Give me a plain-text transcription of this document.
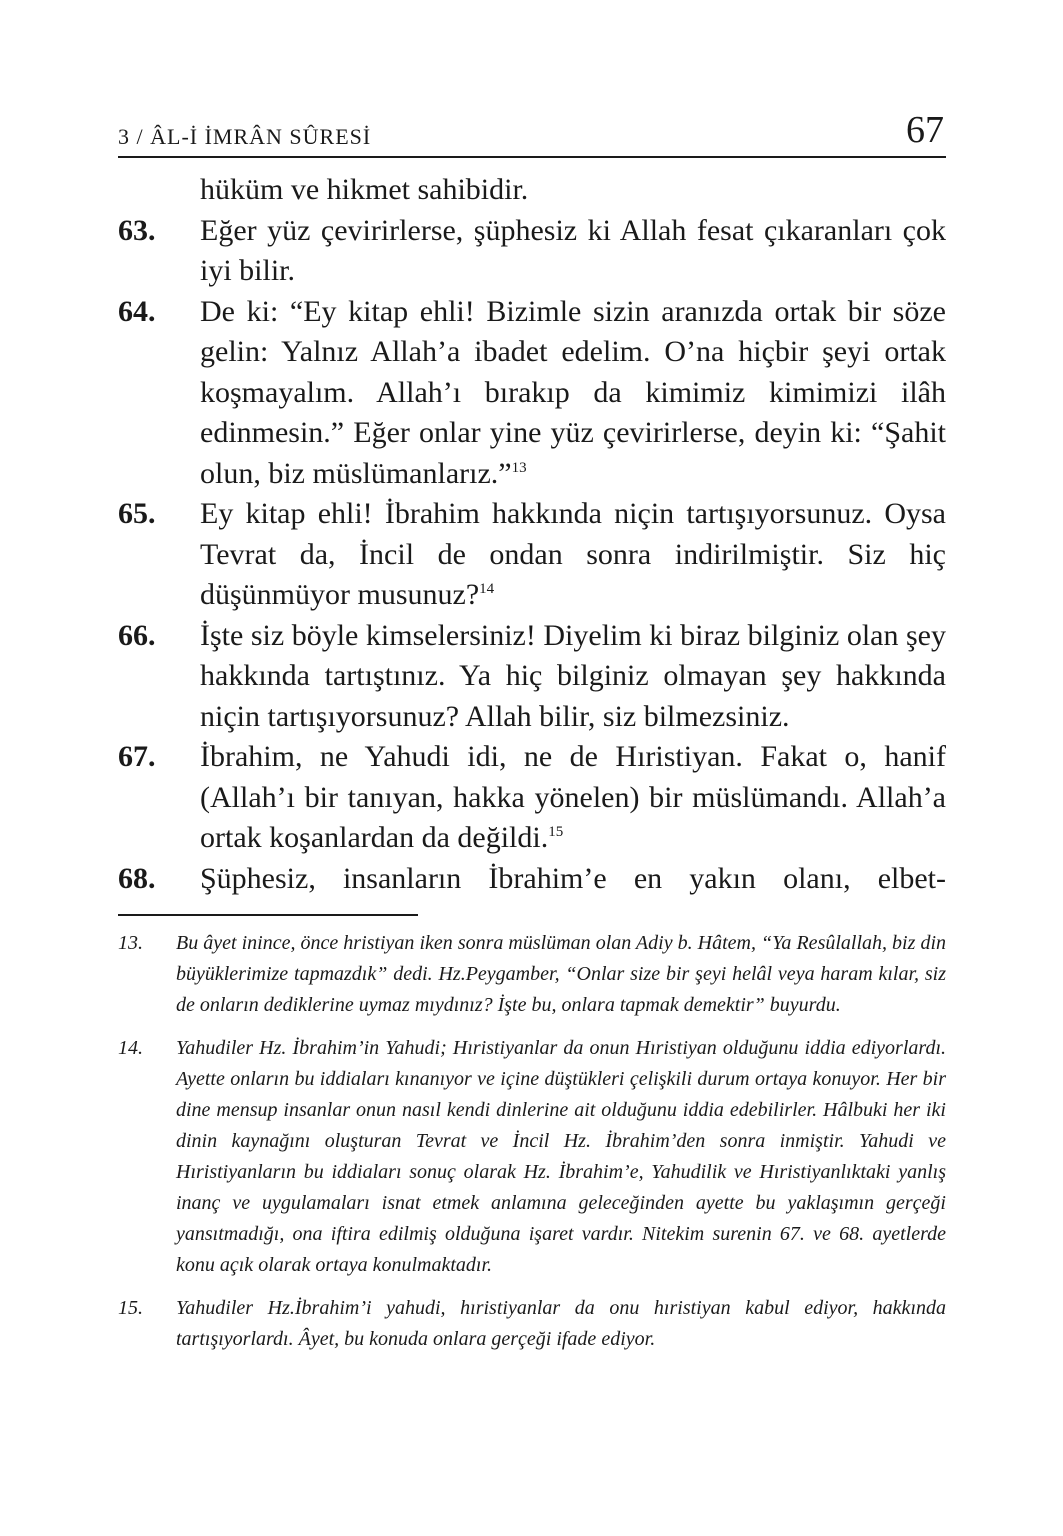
3 / ÂL-İ İMRÂN SÛRESİ	67
hüküm ve hikmet sahibidir.
63. Eğer yüz çevirirlerse, şüphesiz ki Allah fesat çıkaranları çok iyi bilir.
64. De ki: “Ey kitap ehli! Bizimle sizin aranızda ortak bir söze gelin: Yalnız Allah’a ibadet edelim. O’na hiçbir şeyi ortak koşmayalım. Allah’ı bırakıp da kimimiz kimimizi ilâh edinmesin.” Eğer onlar yine yüz çevirirlerse, deyin ki: “Şahit olun, biz müslümanlarız.”$^{13}$
65. Ey kitap ehli! İbrahim hakkında niçin tartışıyorsunuz. Oysa Tevrat da, İncil de ondan sonra indirilmiştir. Siz hiç düşünmüyor musunuz?$^{14}$
66. İşte siz böyle kimselersiniz! Diyelim ki biraz bilginiz olan şey hakkında tartıştınız. Ya hiç bilginiz olmayan şey hakkında niçin tartışıyorsunuz? Allah bilir, siz bilmezsiniz.
67. İbrahim, ne Yahudi idi, ne de Hıristiyan. Fakat o, hanif (Allah’ı bir tanıyan, hakka yönelen) bir müslümandı. Allah’a ortak koşanlardan da değildi.$^{15}$
68. Şüphesiz, insanların İbrahim’e en yakın olanı, elbet-
13. Bu âyet inince, önce hristiyan iken sonra müslüman olan Adiy b. Hâtem, “Ya Resûlallah, biz din büyüklerimize tapmazdık” dedi. Hz.Peygamber, “Onlar size bir şeyi helâl veya haram kılar, siz de onların dediklerine uymaz mıydınız? İşte bu, onlara tapmak demektir” buyurdu.
14. Yahudiler Hz. İbrahim’in Yahudi; Hıristiyanlar da onun Hıristiyan olduğunu iddia ediyorlardı. Ayette onların bu iddiaları kınanıyor ve içine düştükleri çelişkili durum ortaya konuyor. Her bir dine mensup insanlar onun nasıl kendi dinlerine ait olduğunu iddia edebilirler. Hâlbuki her iki dinin kaynağını oluşturan Tevrat ve İncil Hz. İbrahim’den sonra inmiştir. Yahudi ve Hıristiyanların bu iddiaları sonuç olarak Hz. İbrahim’e, Yahudilik ve Hıristiyanlıktaki yanlış inanç ve uygulamaları isnat etmek anlamına geleceğinden ayette bu yaklaşımın gerçeği yansıtmadığı, ona iftira edilmiş olduğuna işaret vardır. Nitekim surenin 67. ve 68. ayetlerde konu açık olarak ortaya konulmaktadır.
15. Yahudiler Hz.İbrahim’i yahudi, hıristiyanlar da onu hıristiyan kabul ediyor, hakkında tartışıyorlardı. Âyet, bu konuda onlara gerçeği ifade ediyor.
